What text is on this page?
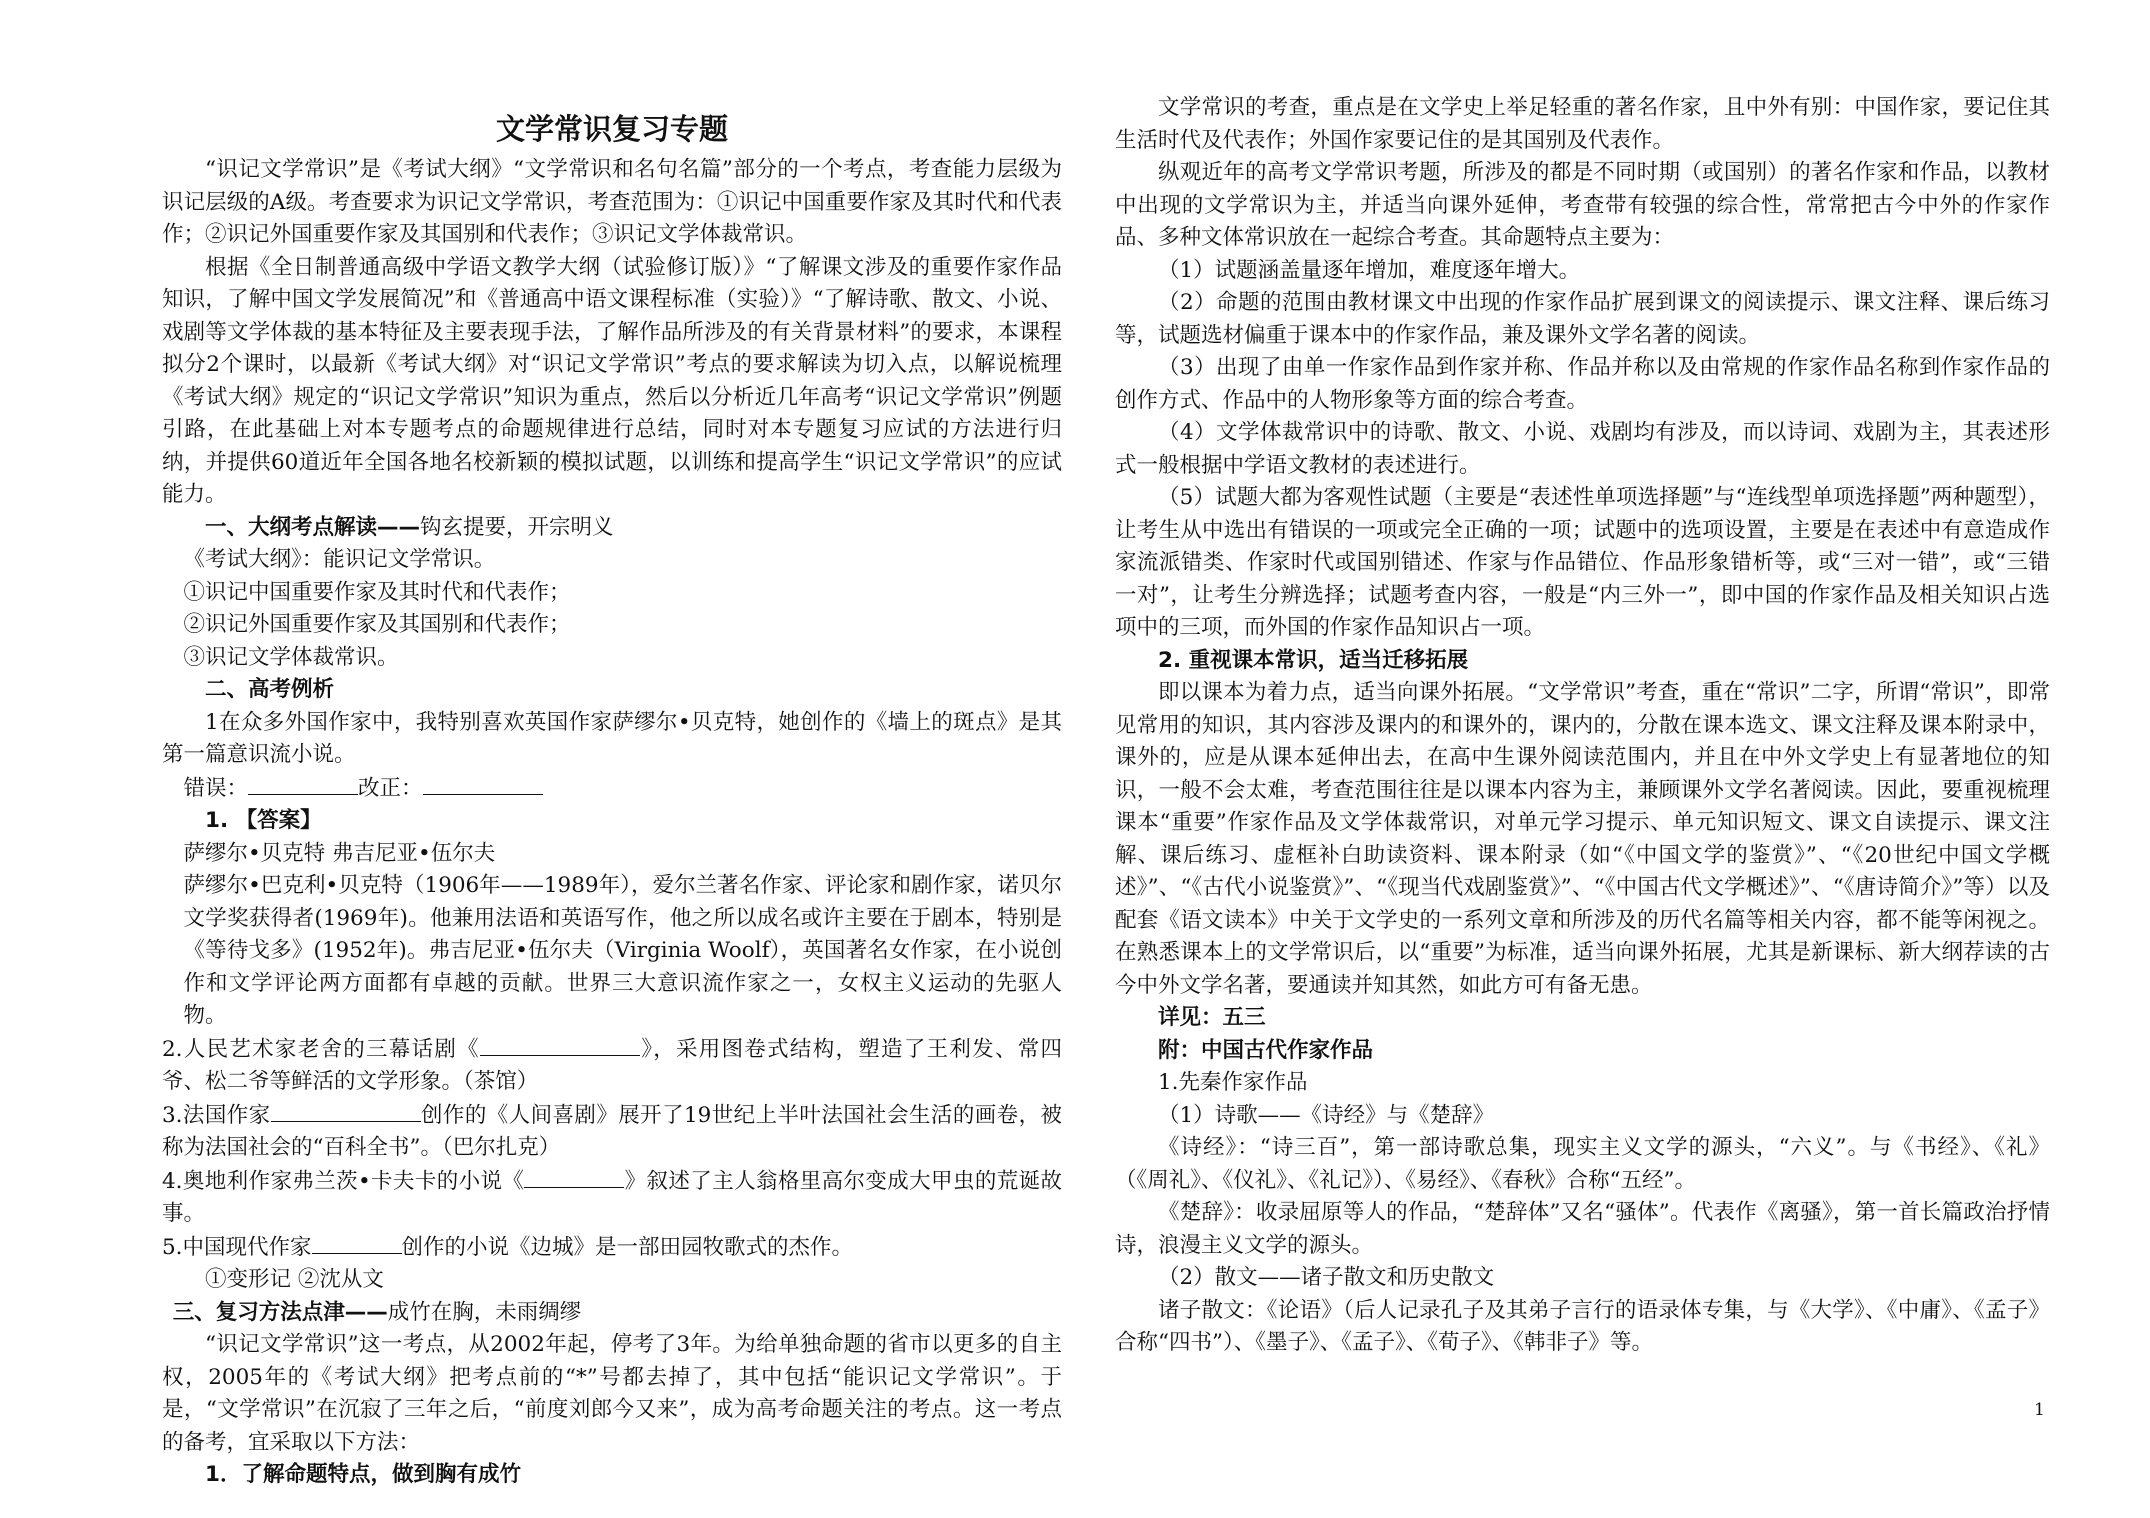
文学常识复习专题

“识记文学常识”是《考试大纲》“文学常识和名句名篇”部分的一个考点，考查能力层级为识记层级的A级。考查要求为识记文学常识，考查范围为：①识记中国重要作家及其时代和代表作；②识记外国重要作家及其国别和代表作；③识记文学体裁常识。

根据《全日制普通高级中学语文教学大纲（试验修订版）》“了解课文涉及的重要作家作品知识，了解中国文学发展简况”和《普通高中语文课程标准（实验）》“了解诗歌、散文、小说、戏剧等文学体裁的基本特征及主要表现手法，了解作品所涉及的有关背景材料”的要求，本课程拟分2个课时，以最新《考试大纲》对“识记文学常识”考点的要求解读为切入点，以解说梳理《考试大纲》规定的“识记文学常识”知识为重点，然后以分析近几年高考“识记文学常识”例题引路，在此基础上对本专题考点的命题规律进行总结，同时对本专题复习应试的方法进行归纳，并提供60道近年全国各地名校新颖的模拟试题，以训练和提高学生“识记文学常识”的应试能力。

一、大纲考点解读——钩玄提要，开宗明义

《考试大纲》：能识记文学常识。

①识记中国重要作家及其时代和代表作；

②识记外国重要作家及其国别和代表作；

③识记文学体裁常识。

二、高考例析

1在众多外国作家中，我特别喜欢英国作家萨缪尔•贝克特，她创作的《墙上的斑点》是其第一篇意识流小说。

错误：	改正：

1. 【答案】

萨缪尔•贝克特 弗吉尼亚•伍尔夫

萨缪尔•巴克利•贝克特（1906年——1989年），爱尔兰著名作家、评论家和剧作家，诺贝尔文学奖获得者(1969年)。他兼用法语和英语写作，他之所以成名或许主要在于剧本，特别是《等待戈多》(1952年)。弗吉尼亚•伍尔夫（Virginia Woolf），英国著名女作家，在小说创作和文学评论两方面都有卓越的贡献。世界三大意识流作家之一，女权主义运动的先驱人物。

2.人民艺术家老舍的三幕话剧《	》，采用图卷式结构，塑造了王利发、常四爷、松二爷等鲜活的文学形象。（茶馆）

3.法国作家	创作的《人间喜剧》展开了19世纪上半叶法国社会生活的画卷，被称为法国社会的“百科全书”。（巴尔扎克）

4.奥地利作家弗兰茨•卡夫卡的小说《	》叙述了主人翁格里高尔变成大甲虫的荒诞故事。

5.中国现代作家	创作的小说《边城》是一部田园牧歌式的杰作。

①变形记 ②沈从文

三、复习方法点津——成竹在胸，未雨绸缪

“识记文学常识”这一考点，从2002年起，停考了3年。为给单独命题的省市以更多的自主权，2005年的《考试大纲》把考点前的“*”号都去掉了，其中包括“能识记文学常识”。于是，“文学常识”在沉寂了三年之后，“前度刘郎今又来”，成为高考命题关注的考点。这一考点的备考，宜采取以下方法：

1．了解命题特点，做到胸有成竹

文学常识的考查，重点是在文学史上举足轻重的著名作家，且中外有别：中国作家，要记住其生活时代及代表作；外国作家要记住的是其国别及代表作。

纵观近年的高考文学常识考题，所涉及的都是不同时期（或国别）的著名作家和作品，以教材中出现的文学常识为主，并适当向课外延伸，考查带有较强的综合性，常常把古今中外的作家作品、多种文体常识放在一起综合考查。其命题特点主要为：

（1）试题涵盖量逐年增加，难度逐年增大。

（2）命题的范围由教材课文中出现的作家作品扩展到课文的阅读提示、课文注释、课后练习等，试题选材偏重于课本中的作家作品，兼及课外文学名著的阅读。

（3）出现了由单一作家作品到作家并称、作品并称以及由常规的作家作品名称到作家作品的创作方式、作品中的人物形象等方面的综合考查。

（4）文学体裁常识中的诗歌、散文、小说、戏剧均有涉及，而以诗词、戏剧为主，其表述形式一般根据中学语文教材的表述进行。

（5）试题大都为客观性试题（主要是“表述性单项选择题”与“连线型单项选择题”两种题型），让考生从中选出有错误的一项或完全正确的一项；试题中的选项设置，主要是在表述中有意造成作家流派错类、作家时代或国别错述、作家与作品错位、作品形象错析等，或“三对一错”，或“三错一对”，让考生分辨选择；试题考查内容，一般是“内三外一”，即中国的作家作品及相关知识占选项中的三项，而外国的作家作品知识占一项。

2. 重视课本常识，适当迁移拓展

即以课本为着力点，适当向课外拓展。“文学常识”考查，重在“常识”二字，所谓“常识”，即常见常用的知识，其内容涉及课内的和课外的，课内的，分散在课本选文、课文注释及课本附录中，课外的，应是从课本延伸出去，在高中生课外阅读范围内，并且在中外文学史上有显著地位的知识，一般不会太难，考查范围往往是以课本内容为主，兼顾课外文学名著阅读。因此，要重视梳理课本“重要”作家作品及文学体裁常识，对单元学习提示、单元知识短文、课文自读提示、课文注解、课后练习、虚框补白助读资料、课本附录（如“《中国文学的鉴赏》”、“《20世纪中国文学概述》”、“《古代小说鉴赏》”、“《现当代戏剧鉴赏》”、“《中国古代文学概述》”、“《唐诗简介》”等）以及配套《语文读本》中关于文学史的一系列文章和所涉及的历代名篇等相关内容，都不能等闲视之。在熟悉课本上的文学常识后，以“重要”为标准，适当向课外拓展，尤其是新课标、新大纲荐读的古今中外文学名著，要通读并知其然，如此方可有备无患。

详见：五三

附：中国古代作家作品

1.先秦作家作品

（1）诗歌——《诗经》与《楚辞》

《诗经》：“诗三百”，第一部诗歌总集，现实主义文学的源头，“六义”。与《书经》、《礼》（《周礼》、《仪礼》、《礼记》）、《易经》、《春秋》合称“五经”。

《楚辞》：收录屈原等人的作品，“楚辞体”又名“骚体”。代表作《离骚》，第一首长篇政治抒情诗，浪漫主义文学的源头。

（2）散文——诸子散文和历史散文

诸子散文：《论语》（后人记录孔子及其弟子言行的语录体专集，与《大学》、《中庸》、《孟子》合称“四书”）、《墨子》、《孟子》、《荀子》、《韩非子》等。

1
